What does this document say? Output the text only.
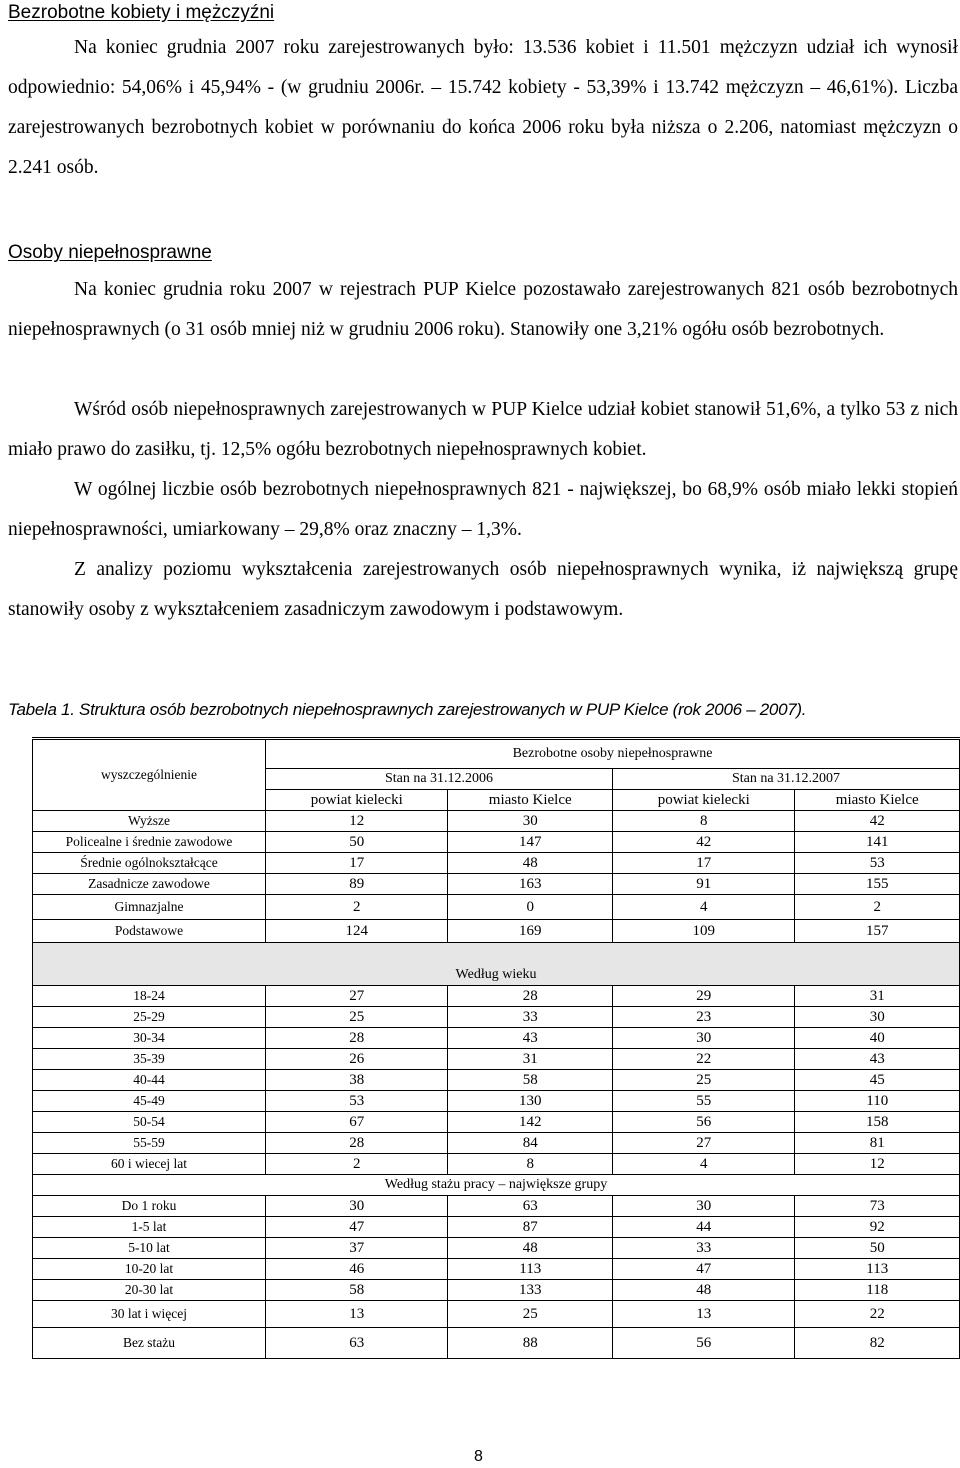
Bezrobotne kobiety i mężczyźni

Na koniec grudnia 2007 roku zarejestrowanych było: 13.536 kobiet i 11.501 mężczyzn udział ich wynosił odpowiednio: 54,06% i 45,94% - (w grudniu 2006r. – 15.742 kobiety - 53,39% i 13.742 mężczyzn – 46,61%). Liczba zarejestrowanych bezrobotnych kobiet w porównaniu do końca 2006 roku była niższa o 2.206, natomiast mężczyzn o 2.241 osób.

Osoby niepełnosprawne

Na koniec grudnia roku 2007 w rejestrach PUP Kielce pozostawało zarejestrowanych 821 osób bezrobotnych niepełnosprawnych (o 31 osób mniej niż w grudniu 2006 roku). Stanowiły one 3,21% ogółu osób bezrobotnych.

Wśród osób niepełnosprawnych zarejestrowanych w PUP Kielce udział kobiet stanowił 51,6%, a tylko 53 z nich miało prawo do zasiłku, tj. 12,5% ogółu bezrobotnych niepełnosprawnych kobiet.

W ogólnej liczbie osób bezrobotnych niepełnosprawnych 821 - największej, bo 68,9% osób miało lekki stopień niepełnosprawności, umiarkowany – 29,8% oraz znaczny – 1,3%.

Z analizy poziomu wykształcenia zarejestrowanych osób niepełnosprawnych wynika, iż największą grupę stanowiły osoby z wykształceniem zasadniczym zawodowym i podstawowym.

Tabela 1. Struktura osób bezrobotnych niepełnosprawnych zarejestrowanych w PUP Kielce (rok 2006 – 2007).
wyszczególnienie	Bezrobotne osoby niepełnosprawne			
	Stan na 31.12.2006		Stan na 31.12.2007	
	powiat kielecki	miasto Kielce	powiat kielecki	miasto Kielce
Wyższe	12	30	8	42
Policealne i średnie zawodowe	50	147	42	141
Średnie ogólnokształcące	17	48	17	53
Zasadnicze zawodowe	89	163	91	155
Gimnazjalne	2	0	4	2
Podstawowe	124	169	109	157
Według wieku				
18-24	27	28	29	31
25-29	25	33	23	30
30-34	28	43	30	40
35-39	26	31	22	43
40-44	38	58	25	45
45-49	53	130	55	110
50-54	67	142	56	158
55-59	28	84	27	81
60 i wiecej lat	2	8	4	12
Według stażu pracy – największe grupy				
Do 1 roku	30	63	30	73
1-5 lat	47	87	44	92
5-10 lat	37	48	33	50
10-20 lat	46	113	47	113
20-30 lat	58	133	48	118
30 lat i więcej	13	25	13	22
Bez stażu	63	88	56	82
8
